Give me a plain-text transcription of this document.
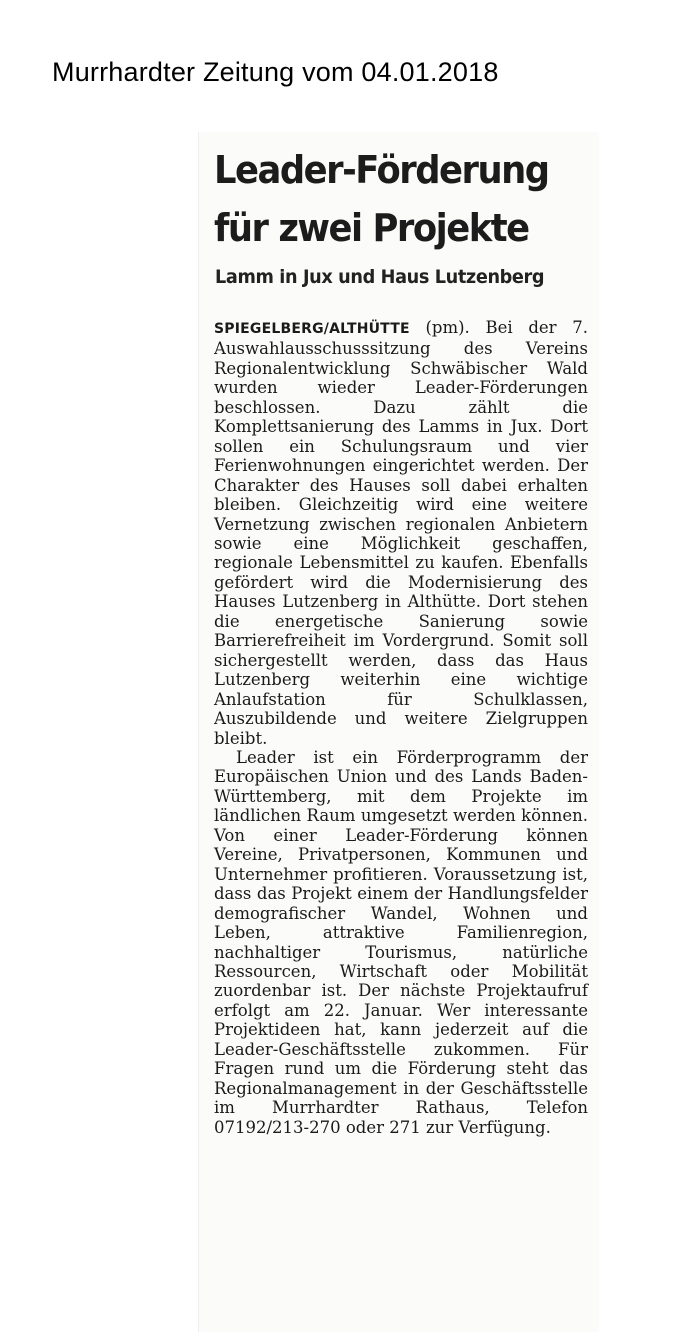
Murrhardter Zeitung vom 04.01.2018
Leader-Förderung
für zwei Projekte
Lamm in Jux und Haus Lutzenberg

SPIEGELBERG/ALTHÜTTE (pm). Bei der 7. Auswahlausschusssitzung des Vereins Regionalentwicklung Schwäbischer Wald wurden wieder Leader-Förderungen beschlossen. Dazu zählt die Komplettsanierung des Lamms in Jux. Dort sollen ein Schulungsraum und vier Ferienwohnungen eingerichtet werden. Der Charakter des Hauses soll dabei erhalten bleiben. Gleichzeitig wird eine weitere Vernetzung zwischen regionalen Anbietern sowie eine Möglichkeit geschaffen, regionale Lebensmittel zu kaufen. Ebenfalls gefördert wird die Modernisierung des Hauses Lutzenberg in Althütte. Dort stehen die energetische Sanierung sowie Barrierefreiheit im Vordergrund. Somit soll sichergestellt werden, dass das Haus Lutzenberg weiterhin eine wichtige Anlaufstation für Schulklassen, Auszubildende und weitere Zielgruppen bleibt.

Leader ist ein Förderprogramm der Europäischen Union und des Lands Baden-Württemberg, mit dem Projekte im ländlichen Raum umgesetzt werden können. Von einer Leader-Förderung können Vereine, Privatpersonen, Kommunen und Unternehmer profitieren. Voraussetzung ist, dass das Projekt einem der Handlungsfelder demografischer Wandel, Wohnen und Leben, attraktive Familienregion, nachhaltiger Tourismus, natürliche Ressourcen, Wirtschaft oder Mobilität zuordenbar ist. Der nächste Projektaufruf erfolgt am 22. Januar. Wer interessante Projektideen hat, kann jederzeit auf die Leader-Geschäftsstelle zukommen. Für Fragen rund um die Förderung steht das Regionalmanagement in der Geschäftsstelle im Murrhardter Rathaus, Telefon 07192/213-270 oder 271 zur Verfügung.
